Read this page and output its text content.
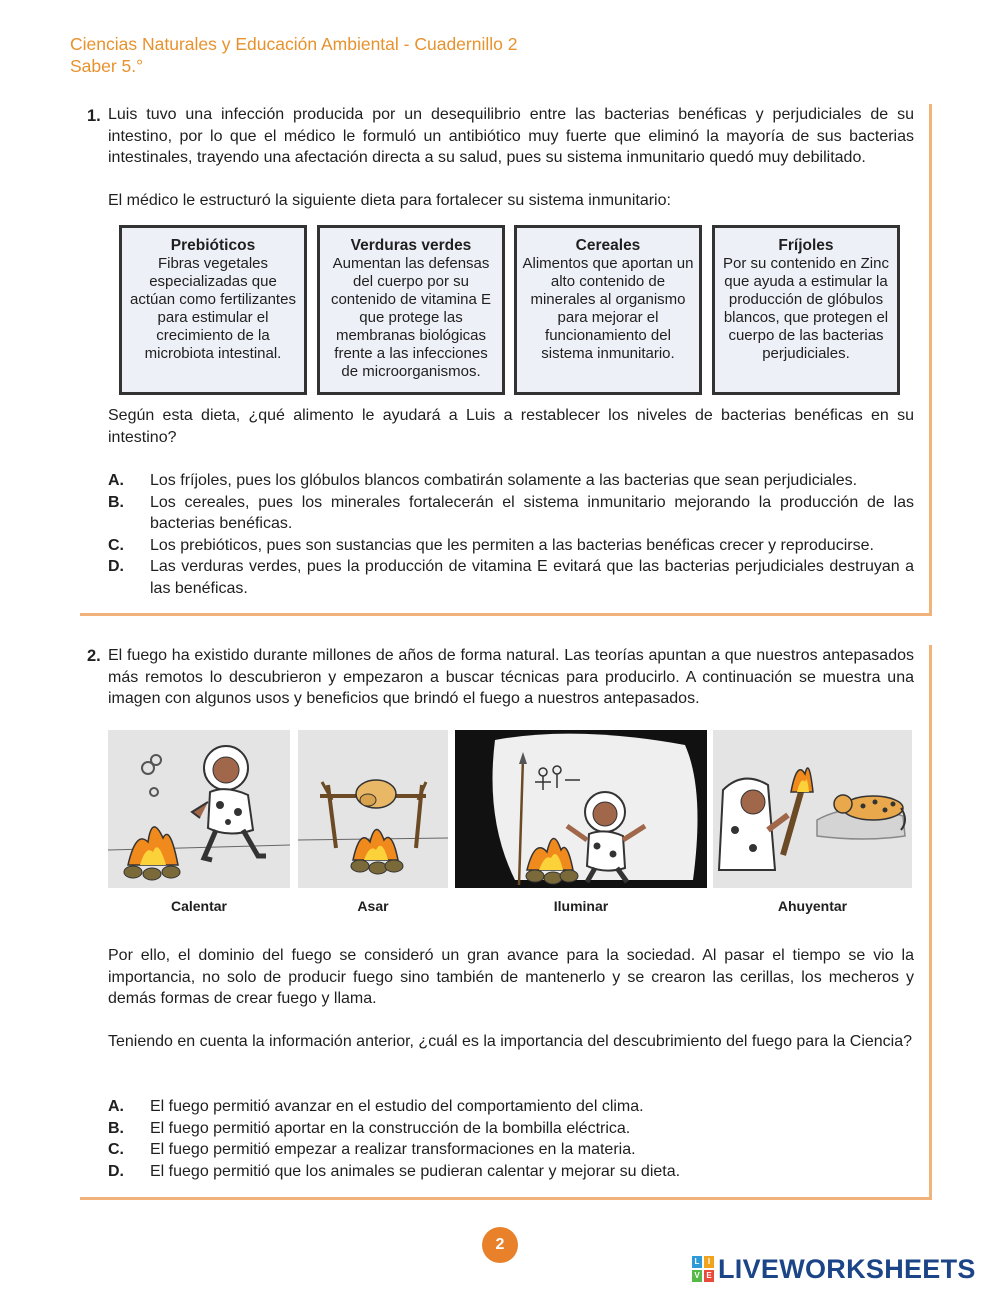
Ciencias Naturales y Educación Ambiental - Cuadernillo 2
Saber 5.°
1. Luis tuvo una infección producida por un desequilibrio entre las bacterias benéficas y perjudiciales de su intestino, por lo que el médico le formuló un antibiótico muy fuerte que eliminó la mayoría de sus bacterias intestinales, trayendo una afectación directa a su salud, pues su sistema inmunitario quedó muy debilitado.
El médico le estructuró la siguiente dieta para fortalecer su sistema inmunitario:
Prebióticos
Fibras vegetales especializadas que actúan como fertilizantes para estimular el crecimiento de la microbiota intestinal.
Verduras verdes
Aumentan las defensas del cuerpo por su contenido de vitamina E que protege las membranas biológicas frente a las infecciones de microorganismos.
Cereales
Alimentos que aportan un alto contenido de minerales al organismo para mejorar el funcionamiento del sistema inmunitario.
Fríjoles
Por su contenido en Zinc que ayuda a estimular la producción de glóbulos blancos, que protegen el cuerpo de las bacterias perjudiciales.
Según esta dieta, ¿qué alimento le ayudará a Luis a restablecer los niveles de bacterias benéficas en su intestino?
A.	Los fríjoles, pues los glóbulos blancos combatirán solamente a las bacterias que sean perjudiciales.
B.	Los cereales, pues los minerales fortalecerán el sistema inmunitario mejorando la producción de las bacterias benéficas.
C.	Los prebióticos, pues son sustancias que les permiten a las bacterias benéficas crecer y reproducirse.
D.	Las verduras verdes, pues la producción de vitamina E evitará que las bacterias perjudiciales destruyan a las benéficas.
2. El fuego ha existido durante millones de años de forma natural. Las teorías apuntan a que nuestros antepasados más remotos lo descubrieron y empezaron a buscar técnicas para producirlo. A continuación se muestra una imagen con algunos usos y beneficios que brindó el fuego a nuestros antepasados.
Calentar	Asar	Iluminar	Ahuyentar
Por ello, el dominio del fuego se consideró un gran avance para la sociedad. Al pasar el tiempo se vio la importancia, no solo de producir fuego sino también de mantenerlo y se crearon las cerillas, los mecheros y demás formas de crear fuego y llama.
Teniendo en cuenta la información anterior, ¿cuál es la importancia del descubrimiento del fuego para la Ciencia?
A.	El fuego permitió avanzar en el estudio del comportamiento del clima.
B.	El fuego permitió aportar en la construcción de la bombilla eléctrica.
C.	El fuego permitió empezar a realizar transformaciones en la materia.
D.	El fuego permitió que los animales se pudieran calentar y mejorar su dieta.
2
L	I
V E LIVEWORKSHEETS
